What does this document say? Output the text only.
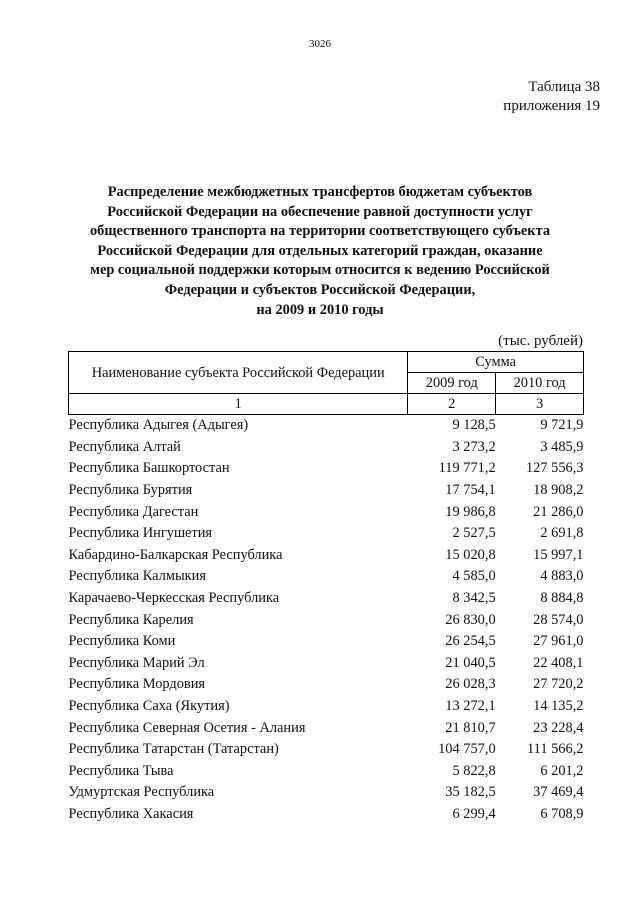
3026
Таблица 38
приложения 19
Распределение межбюджетных трансфертов бюджетам субъектов
Российской Федерации на обеспечение равной доступности услуг
общественного транспорта на территории соответствующего субъекта
Российской Федерации для отдельных категорий граждан, оказание
мер социальной поддержки которым относится к ведению Российской
Федерации и субъектов Российской Федерации,
на 2009 и 2010 годы
(тыс. рублей)
Наименование субъекта Российской Федерации	Сумма	
	2009 год	2010 год
1	2	3
Республика Адыгея (Адыгея)	9 128,5	9 721,9
Республика Алтай	3 273,2	3 485,9
Республика Башкортостан	119 771,2	127 556,3
Республика Бурятия	17 754,1	18 908,2
Республика Дагестан	19 986,8	21 286,0
Республика Ингушетия	2 527,5	2 691,8
Кабардино-Балкарская Республика	15 020,8	15 997,1
Республика Калмыкия	4 585,0	4 883,0
Карачаево-Черкесская Республика	8 342,5	8 884,8
Республика Карелия	26 830,0	28 574,0
Республика Коми	26 254,5	27 961,0
Республика Марий Эл	21 040,5	22 408,1
Республика Мордовия	26 028,3	27 720,2
Республика Саха (Якутия)	13 272,1	14 135,2
Республика Северная Осетия - Алания	21 810,7	23 228,4
Республика Татарстан (Татарстан)	104 757,0	111 566,2
Республика Тыва	5 822,8	6 201,2
Удмуртская Республика	35 182,5	37 469,4
Республика Хакасия	6 299,4	6 708,9
